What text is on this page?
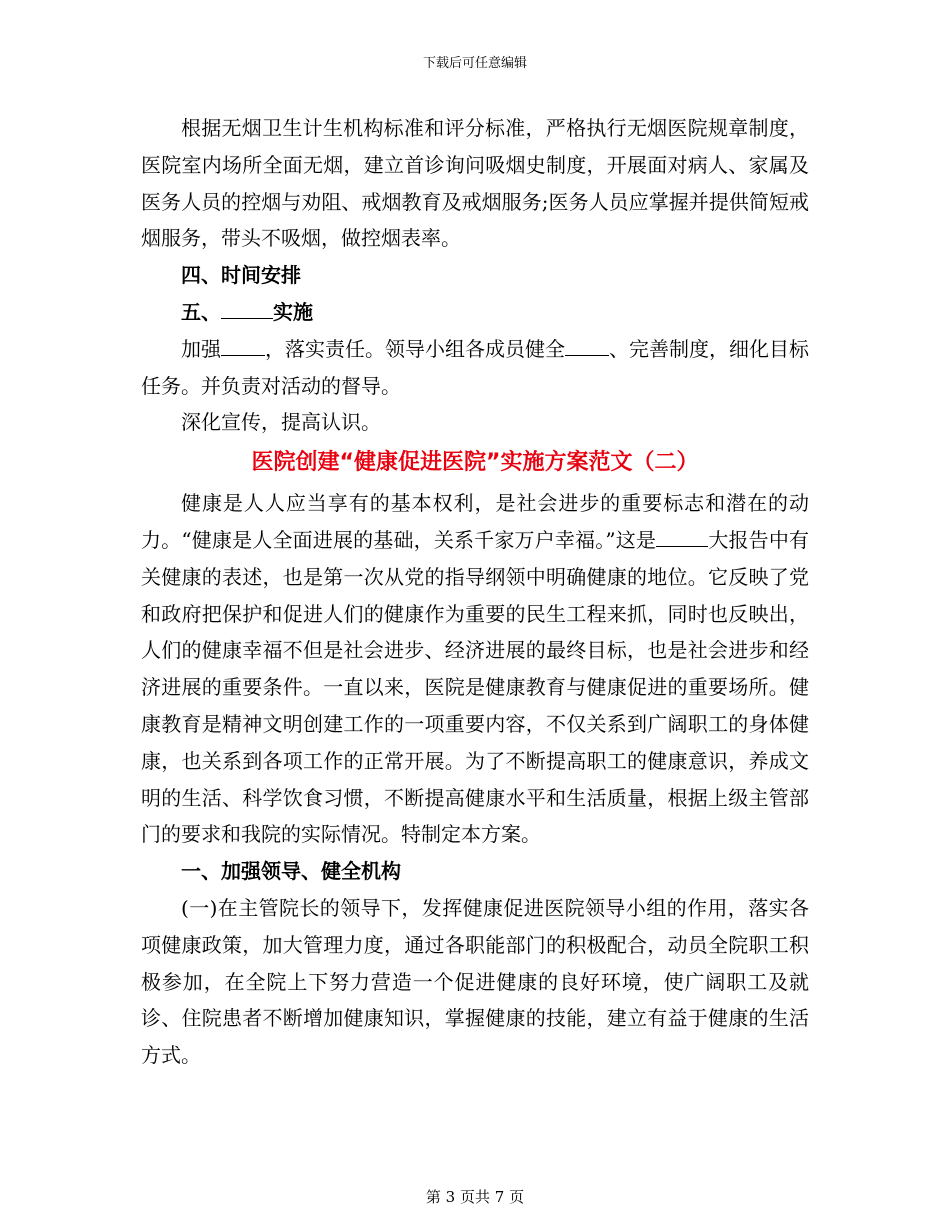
下载后可任意编辑

根据无烟卫生计生机构标准和评分标准，严格执行无烟医院规章制度，医院室内场所全面无烟，建立首诊询问吸烟史制度，开展面对病人、家属及医务人员的控烟与劝阻、戒烟教育及戒烟服务;医务人员应掌握并提供简短戒烟服务，带头不吸烟，做控烟表率。

四、时间安排

五、	实施

加强 ，落实责任。领导小组各成员健全 、完善制度，细化目标任务。并负责对活动的督导。

深化宣传，提高认识。

医院创建“健康促进医院”实施方案范文（二）

健康是人人应当享有的基本权利，是社会进步的重要标志和潜在的动力。“健康是人全面进展的基础，关系千家万户幸福。”这是	大报告中有关健康的表述，也是第一次从党的指导纲领中明确健康的地位。它反映了党和政府把保护和促进人们的健康作为重要的民生工程来抓，同时也反映出，人们的健康幸福不但是社会进步、经济进展的最终目标，也是社会进步和经济进展的重要条件。一直以来，医院是健康教育与健康促进的重要场所。健康教育是精神文明创建工作的一项重要内容，不仅关系到广阔职工的身体健康，也关系到各项工作的正常开展。为了不断提高职工的健康意识，养成文明的生活、科学饮食习惯，不断提高健康水平和生活质量，根据上级主管部门的要求和我院的实际情况。特制定本方案。

一、加强领导、健全机构

(一)在主管院长的领导下，发挥健康促进医院领导小组的作用，落实各项健康政策，加大管理力度，通过各职能部门的积极配合，动员全院职工积极参加，在全院上下努力营造一个促进健康的良好环境，使广阔职工及就诊、住院患者不断增加健康知识，掌握健康的技能，建立有益于健康的生活方式。

第 3 页共 7 页
